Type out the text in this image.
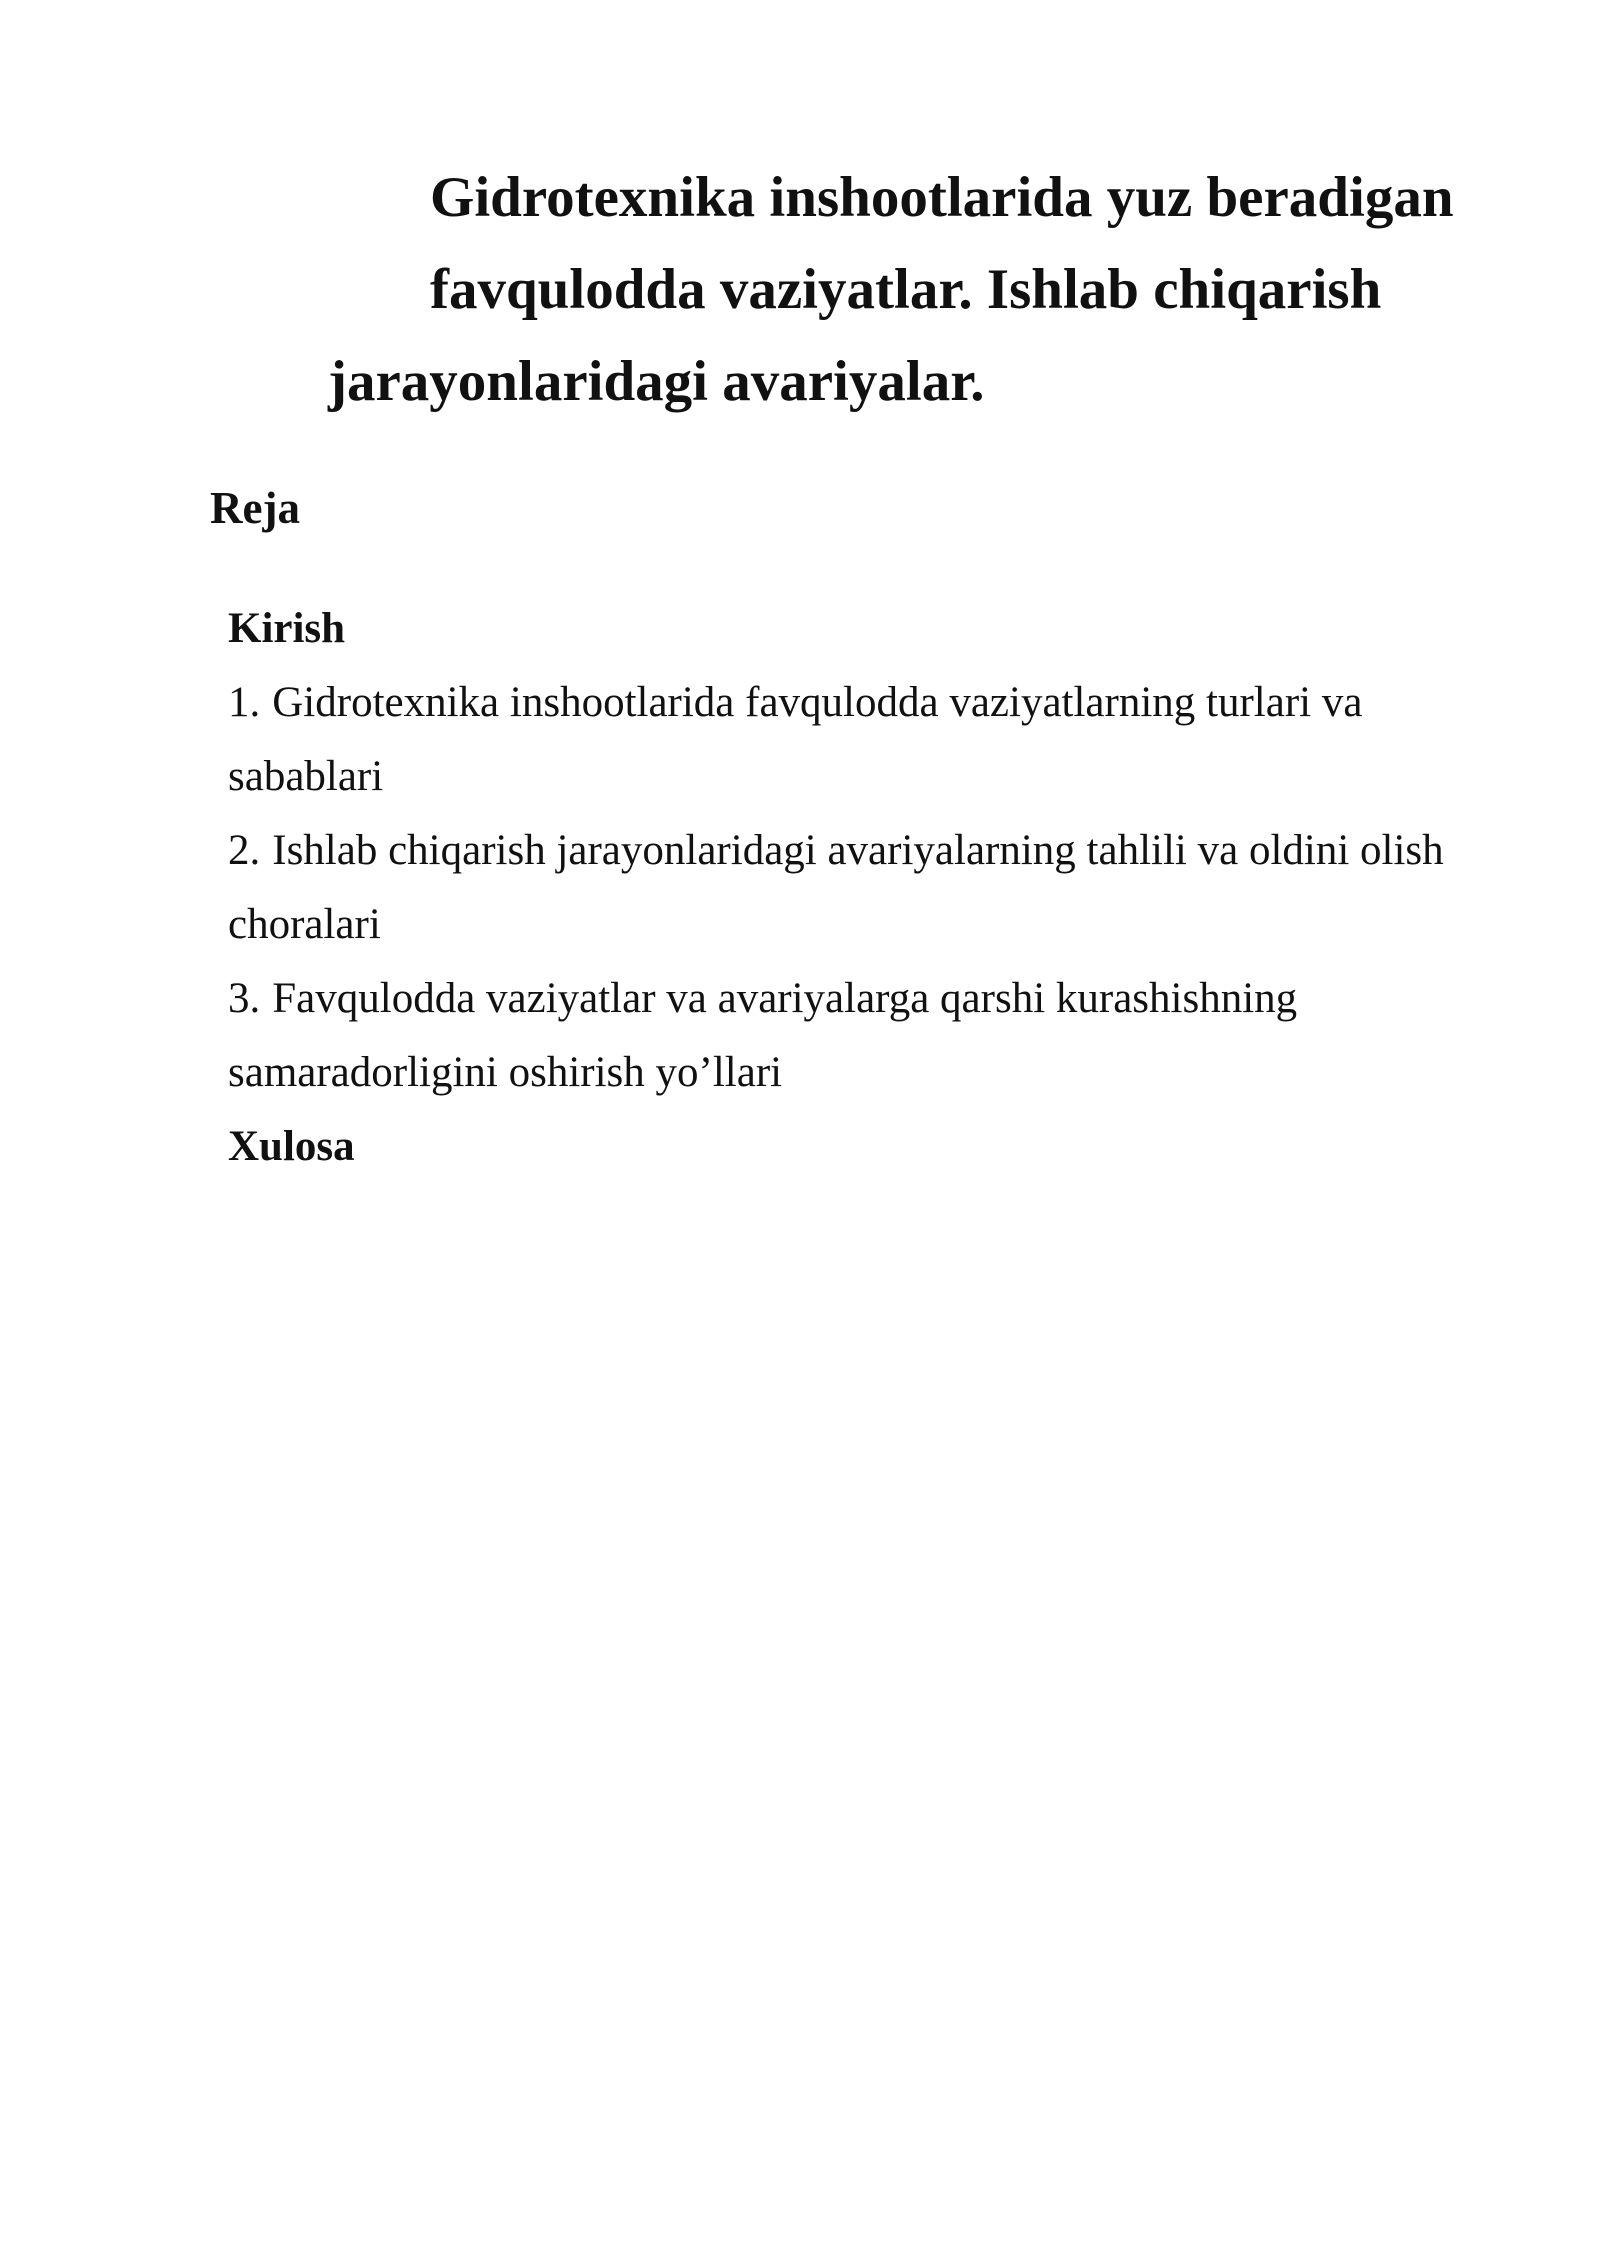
Gidrotexnika inshootlarida yuz beradigan
favqulodda vaziyatlar. Ishlab chiqarish
jarayonlaridagi avariyalar.
Reja
Kirish
1. Gidrotexnika inshootlarida favqulodda vaziyatlarning turlari va sabablari
2. Ishlab chiqarish jarayonlaridagi avariyalarning tahlili va oldini olish choralari
3. Favqulodda vaziyatlar va avariyalarga qarshi kurashishning samaradorligini oshirish yo’llari
Xulosa
